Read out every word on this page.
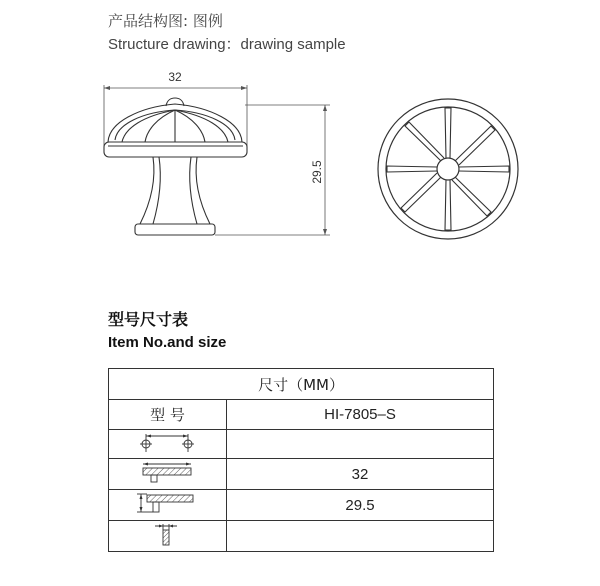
产品结构图: 图例
Structure drawing：drawing sample
32
29.5
型号尺寸表
Item No.and size
尺寸（MM）	
型 号	HI-7805–S

	32
	29.5
